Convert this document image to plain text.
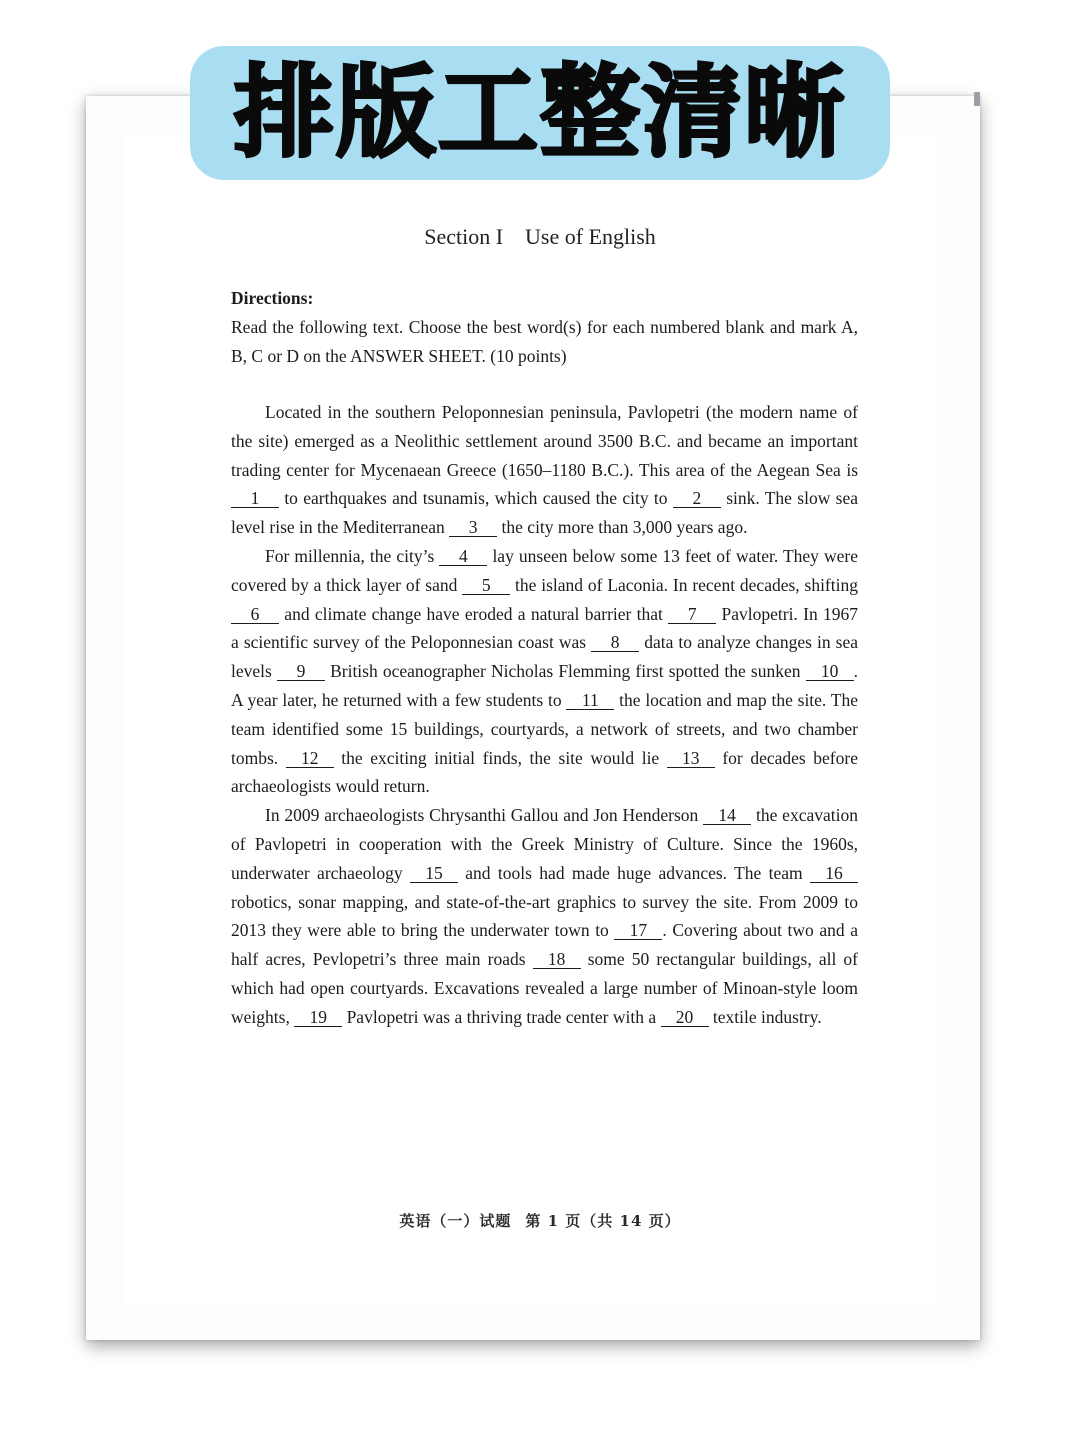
排版工整清晰
Section I Use of English
Directions:
Read the following text. Choose the best word(s) for each numbered blank and mark A, B, C or D on the ANSWER SHEET. (10 points)

Located in the southern Peloponnesian peninsula, Pavlopetri (the modern name of the site) emerged as a Neolithic settlement around 3500 B.C. and became an important trading center for Mycenaean Greece (1650–1180 B.C.). This area of the Aegean Sea is 1 to earthquakes and tsunamis, which caused the city to 2 sink. The slow sea level rise in the Mediterranean 3 the city more than 3,000 years ago.

For millennia, the city’s 4 lay unseen below some 13 feet of water. They were covered by a thick layer of sand 5 the island of Laconia. In recent decades, shifting 6 and climate change have eroded a natural barrier that 7 Pavlopetri. In 1967 a scientific survey of the Peloponnesian coast was 8 data to analyze changes in sea levels 9 British oceanographer Nicholas Flemming first spotted the sunken 10 . A year later, he returned with a few students to 11 the location and map the site. The team identified some 15 buildings, courtyards, a network of streets, and two chamber tombs. 12 the exciting initial finds, the site would lie 13 for decades before archaeologists would return.

In 2009 archaeologists Chrysanthi Gallou and Jon Henderson 14 the excavation of Pavlopetri in cooperation with the Greek Ministry of Culture. Since the 1960s, underwater archaeology 15 and tools had made huge advances. The team 16 robotics, sonar mapping, and state-of-the-art graphics to survey the site. From 2009 to 2013 they were able to bring the underwater town to 17 . Covering about two and a half acres, Pevlopetri’s three main roads 18 some 50 rectangular buildings, all of which had open courtyards. Excavations revealed a large number of Minoan-style loom weights, 19 Pavlopetri was a thriving trade center with a 20 textile industry.

英语（一）试题 第 1 页（共 14 页）
